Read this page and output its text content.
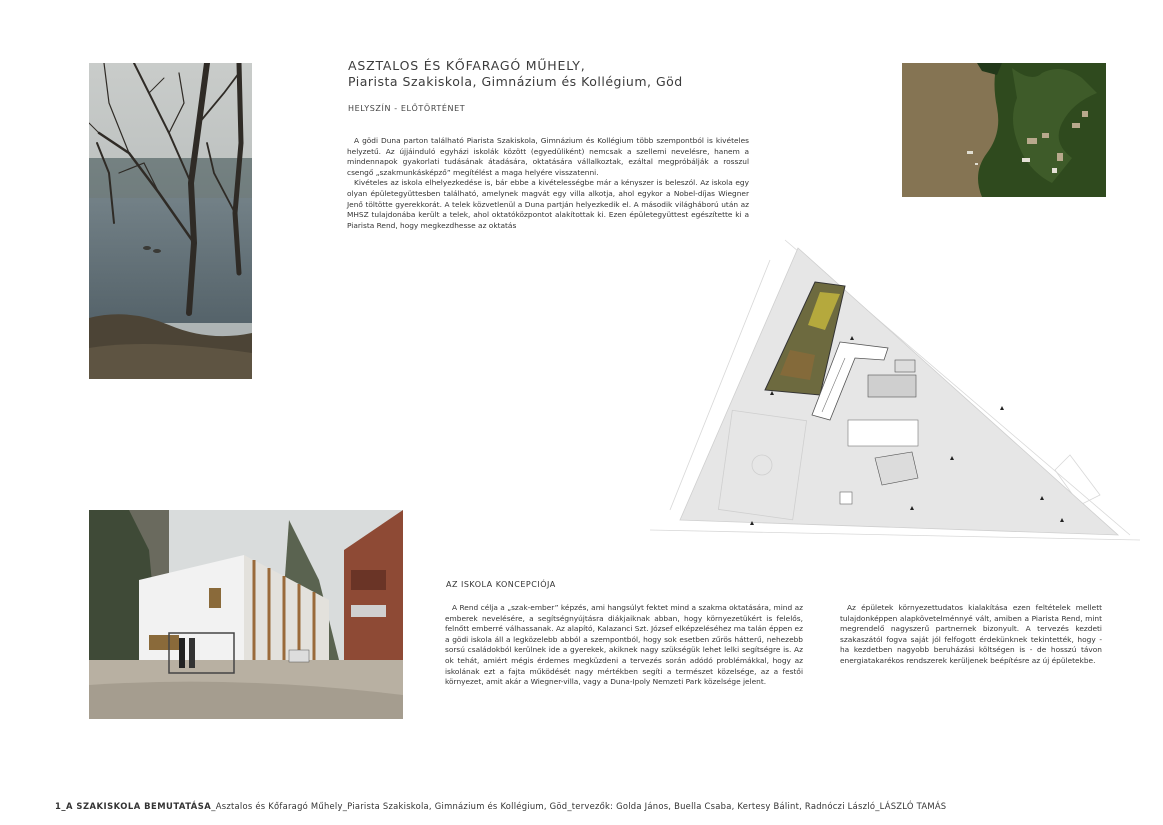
ASZTALOS ÉS KŐFARAGÓ MŰHELY,
Piarista Szakiskola, Gimnázium és Kollégium, Göd
HELYSZÍN - ELŐTÖRTÉNET

A gödi Duna parton található Piarista Szakiskola, Gimnázium és Kollégium több szempontból is kivételes helyzetű. Az újjáinduló egyházi iskolák között (egyedüliként) nemcsak a szellemi nevelésre, hanem a mindennapok gyakorlati tudásának átadására, oktatására vállalkoztak, ezáltal megpróbálják a rosszul csengő „szakmunkásképző” megítélést a maga helyére visszatenni.

Kivételes az iskola elhelyezkedése is, bár ebbe a kivételességbe már a kényszer is beleszól. Az iskola egy olyan épületegyüttesben található, amelynek magvát egy villa alkotja, ahol egykor a Nobel-díjas Wiegner Jenő töltötte gyerekkorát. A telek közvetlenül a Duna partján helyezkedik el. A második világháború után az MHSZ tulajdonába került a telek, ahol oktatóközpontot alakítottak ki. Ezen épületegyüttest egészítette ki a Piarista Rend, hogy megkezdhesse az oktatás

AZ ISKOLA KONCEPCIÓJA

A Rend célja a „szak-ember” képzés, ami hangsúlyt fektet mind a szakma oktatására, mind az emberek nevelésére, a segítségnyújtásra diákjaiknak abban, hogy környezetükért is felelős, felnőtt emberré válhassanak. Az alapító, Kalazanci Szt. József elképzeléséhez ma talán éppen ez a gödi iskola áll a legközelebb abból a szempontból, hogy sok esetben zűrös hátterű, nehezebb sorsú családokból kerülnek ide a gyerekek, akiknek nagy szükségük lehet lelki segítségre is. Az ok tehát, amiért mégis érdemes megküzdeni a tervezés során adódó problémákkal, hogy az iskolának ezt a fajta működését nagy mértékben segíti a természet közelsége, az a festői környezet, amit akár a Wiegner-villa, vagy a Duna-Ipoly Nemzeti Park közelsége jelent.

Az épületek környezettudatos kialakítása ezen feltételek mellett tulajdonképpen alapkövetelménnyé vált, amiben a Piarista Rend, mint megrendelő nagyszerű partnernek bizonyult. A tervezés kezdeti szakaszától fogva saját jól felfogott érdekünknek tekintették, hogy - ha kezdetben nagyobb beruházási költségen is - de hosszú távon energiatakarékos rendszerek kerüljenek beépítésre az új épületekbe.

1_A SZAKISKOLA BEMUTATÁSA_Asztalos és Kőfaragó Műhely_Piarista Szakiskola, Gimnázium és Kollégium, Göd_tervezők: Golda János, Buella Csaba, Kertesy Bálint, Radnóczi László_LÁSZLÓ TAMÁS
